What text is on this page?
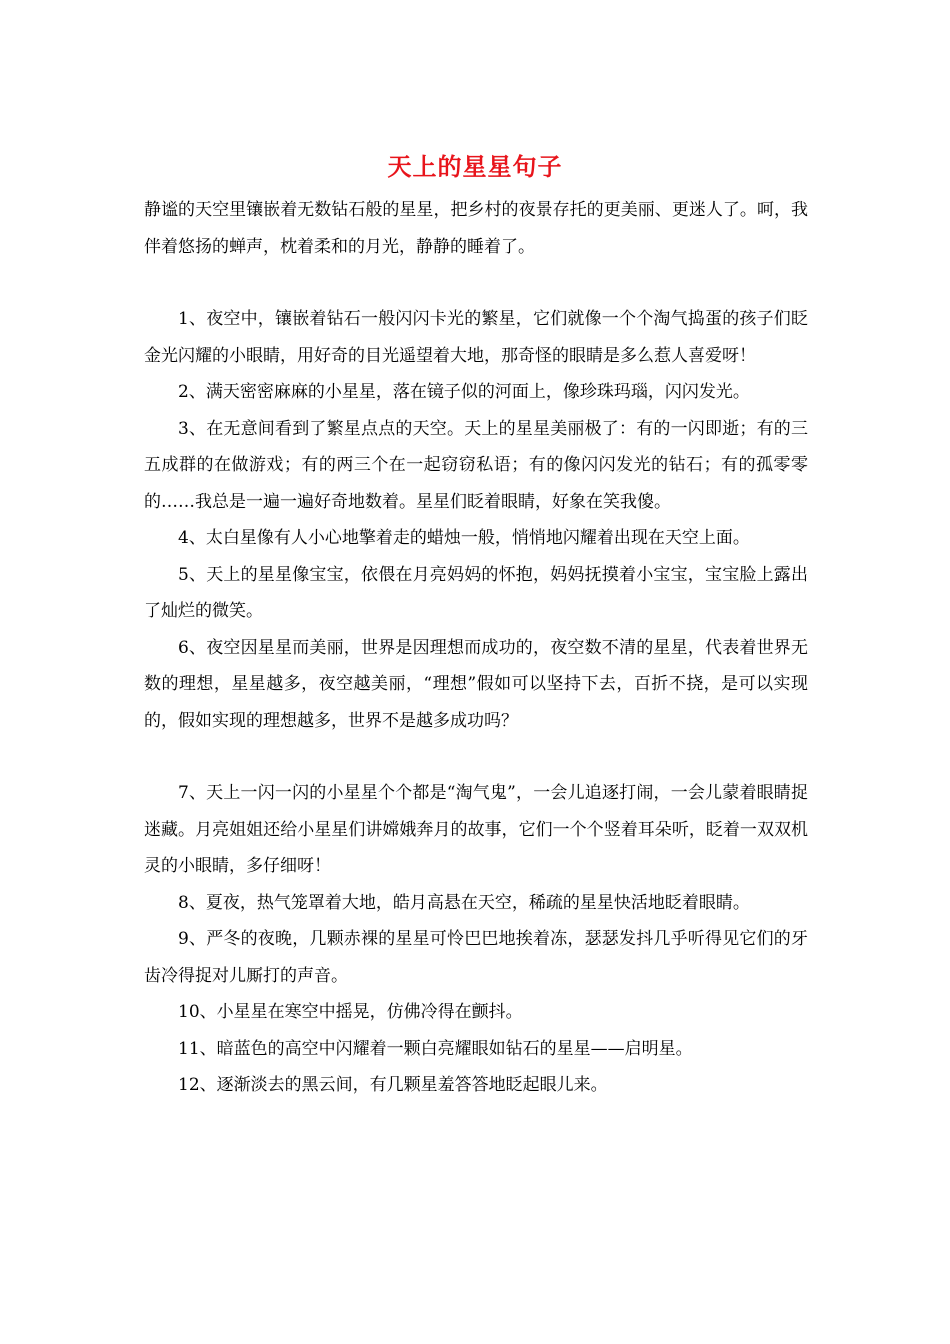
天上的星星句子

静谧的天空里镶嵌着无数钻石般的星星，把乡村的夜景存托的更美丽、更迷人了。呵，我伴着悠扬的蝉声，枕着柔和的月光，静静的睡着了。

1、夜空中，镶嵌着钻石一般闪闪卡光的繁星，它们就像一个个淘气捣蛋的孩子们眨金光闪耀的小眼睛，用好奇的目光遥望着大地，那奇怪的眼睛是多么惹人喜爱呀！

2、满天密密麻麻的小星星，落在镜子似的河面上，像珍珠玛瑙，闪闪发光。

3、在无意间看到了繁星点点的天空。天上的星星美丽极了：有的一闪即逝；有的三五成群的在做游戏；有的两三个在一起窃窃私语；有的像闪闪发光的钻石；有的孤零零的……我总是一遍一遍好奇地数着。星星们眨着眼睛，好象在笑我傻。

4、太白星像有人小心地擎着走的蜡烛一般，悄悄地闪耀着出现在天空上面。

5、天上的星星像宝宝，依偎在月亮妈妈的怀抱，妈妈抚摸着小宝宝，宝宝脸上露出了灿烂的微笑。

6、夜空因星星而美丽，世界是因理想而成功的，夜空数不清的星星，代表着世界无数的理想，星星越多，夜空越美丽，“理想”假如可以坚持下去，百折不挠，是可以实现的，假如实现的理想越多，世界不是越多成功吗？

7、天上一闪一闪的小星星个个都是“淘气鬼”，一会儿追逐打闹，一会儿蒙着眼睛捉迷藏。月亮姐姐还给小星星们讲嫦娥奔月的故事，它们一个个竖着耳朵听，眨着一双双机灵的小眼睛，多仔细呀！

8、夏夜，热气笼罩着大地，皓月高悬在天空，稀疏的星星快活地眨着眼睛。

9、严冬的夜晚，几颗赤裸的星星可怜巴巴地挨着冻，瑟瑟发抖几乎听得见它们的牙齿冷得捉对儿厮打的声音。

10、小星星在寒空中摇晃，仿佛冷得在颤抖。

11、暗蓝色的高空中闪耀着一颗白亮耀眼如钻石的星星——启明星。

12、逐渐淡去的黑云间，有几颗星羞答答地眨起眼儿来。
